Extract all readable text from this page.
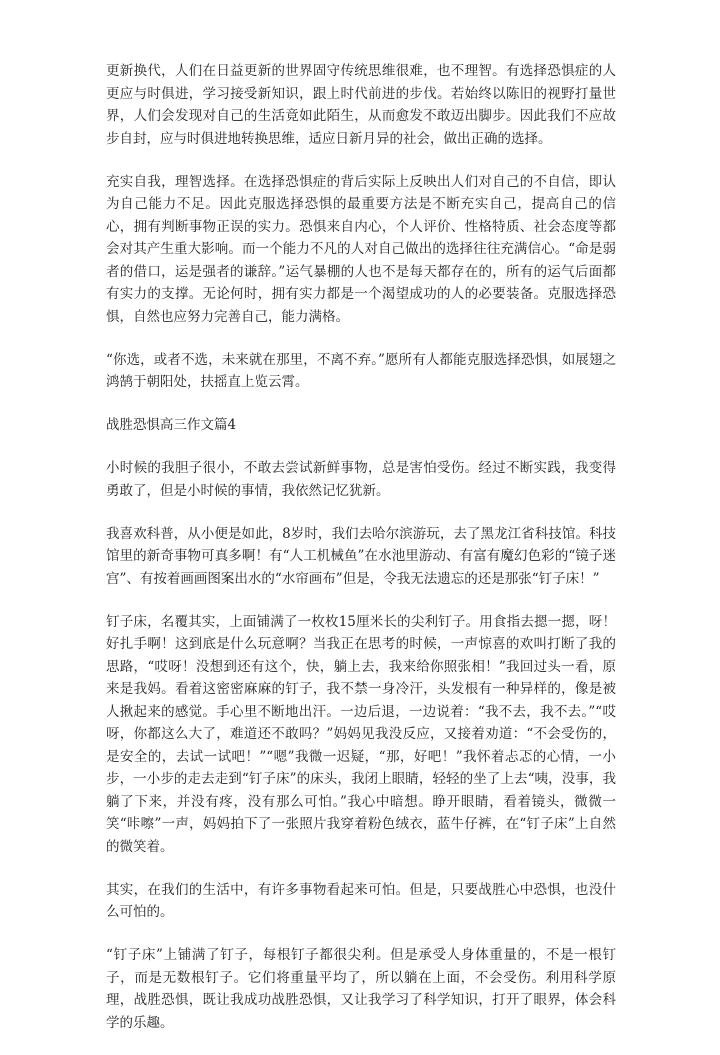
更新换代，人们在日益更新的世界固守传统思维很难，也不理智。有选择恐惧症的人更应与时俱进，学习接受新知识，跟上时代前进的步伐。若始终以陈旧的视野打量世界，人们会发现对自己的生活竟如此陌生，从而愈发不敢迈出脚步。因此我们不应故步自封，应与时俱进地转换思维，适应日新月异的社会，做出正确的选择。

充实自我，理智选择。在选择恐惧症的背后实际上反映出人们对自己的不自信，即认为自己能力不足。因此克服选择恐惧的最重要方法是不断充实自己，提高自己的信心，拥有判断事物正误的实力。恐惧来自内心，个人评价、性格特质、社会态度等都会对其产生重大影响。而一个能力不凡的人对自己做出的选择往往充满信心。“命是弱者的借口，运是强者的谦辞。”运气暴棚的人也不是每天都存在的，所有的运气后面都有实力的支撑。无论何时，拥有实力都是一个渴望成功的人的必要装备。克服选择恐惧，自然也应努力完善自己，能力满格。

“你选，或者不选，未来就在那里，不离不弃。”愿所有人都能克服选择恐惧，如展翅之鸿鹄于朝阳处，扶摇直上览云霄。

战胜恐惧高三作文篇4

小时候的我胆子很小，不敢去尝试新鲜事物，总是害怕受伤。经过不断实践，我变得勇敢了，但是小时候的事情，我依然记忆犹新。

我喜欢科普，从小便是如此，8岁时，我们去哈尔滨游玩，去了黑龙江省科技馆。科技馆里的新奇事物可真多啊！有“人工机械鱼”在水池里游动、有富有魔幻色彩的“镜子迷宫”、有按着画画图案出水的“水帘画布”但是，令我无法遗忘的还是那张“钉子床！”

钉子床，名覆其实，上面铺满了一枚枚15厘米长的尖利钉子。用食指去摁一摁，呀！好扎手啊！这到底是什么玩意啊？当我正在思考的时候，一声惊喜的欢叫打断了我的思路，“哎呀！没想到还有这个，快，躺上去，我来给你照张相！”我回过头一看，原来是我妈。看着这密密麻麻的钉子，我不禁一身冷汗，头发根有一种异样的，像是被人揪起来的感觉。手心里不断地出汗。一边后退，一边说着：“我不去，我不去。”“哎呀，你都这么大了，难道还不敢吗？”妈妈见我没反应，又接着劝道：“不会受伤的，是安全的，去试一试吧！”“嗯”我微一迟疑，“那，好吧！”我怀着忐忑的心情，一小步，一小步的走去走到“钉子床”的床头，我闭上眼睛，轻轻的坐了上去“咦，没事，我躺了下来，并没有疼，没有那么可怕。”我心中暗想。睁开眼睛，看着镜头，微微一笑“咔嚓”一声，妈妈拍下了一张照片我穿着粉色绒衣，蓝牛仔裤，在“钉子床”上自然的微笑着。

其实，在我们的生活中，有许多事物看起来可怕。但是，只要战胜心中恐惧，也没什么可怕的。

“钉子床”上铺满了钉子，每根钉子都很尖利。但是承受人身体重量的，不是一根钉子，而是无数根钉子。它们将重量平均了，所以躺在上面，不会受伤。利用科学原理，战胜恐惧，既让我成功战胜恐惧，又让我学习了科学知识，打开了眼界，体会科学的乐趣。
